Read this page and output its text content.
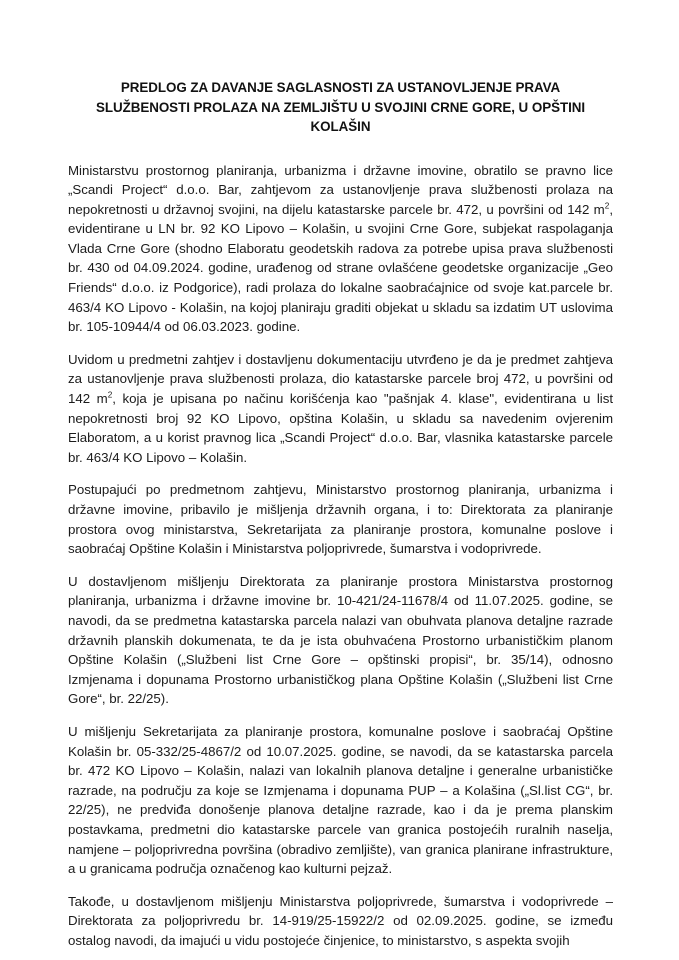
PREDLOG ZA DAVANJE SAGLASNOSTI ZA USTANOVLJENJE PRAVA
SLUŽBENOSTI PROLAZA NA ZEMLJIŠTU U SVOJINI CRNE GORE, U OPŠTINI
KOLAŠIN

Ministarstvu prostornog planiranja, urbanizma i državne imovine, obratilo se pravno lice „Scandi Project“ d.o.o. Bar, zahtjevom za ustanovljenje prava službenosti prolaza na nepokretnosti u državnoj svojini, na dijelu katastarske parcele br. 472, u površini od 142 $m^2$, evidentirane u LN br. 92 KO Lipovo – Kolašin, u svojini Crne Gore, subjekat raspolaganja Vlada Crne Gore (shodno Elaboratu geodetskih radova za potrebe upisa prava službenosti br. 430 od 04.09.2024. godine, urađenog od strane ovlašćene geodetske organizacije „Geo Friends“ d.o.o. iz Podgorice), radi prolaza do lokalne saobraćajnice od svoje kat.parcele br. 463/4 KO Lipovo - Kolašin, na kojoj planiraju graditi objekat u skladu sa izdatim UT uslovima br. 105-10944/4 od 06.03.2023. godine.

Uvidom u predmetni zahtjev i dostavljenu dokumentaciju utvrđeno je da je predmet zahtjeva za ustanovljenje prava službenosti prolaza, dio katastarske parcele broj 472, u površini od 142 $m^2$, koja je upisana po načinu korišćenja kao "pašnjak 4. klase", evidentirana u list nepokretnosti broj 92 KO Lipovo, opština Kolašin, u skladu sa navedenim ovjerenim Elaboratom, a u korist pravnog lica „Scandi Project“ d.o.o. Bar, vlasnika katastarske parcele br. 463/4 KO Lipovo – Kolašin.

Postupajući po predmetnom zahtjevu, Ministarstvo prostornog planiranja, urbanizma i državne imovine, pribavilo je mišljenja državnih organa, i to: Direktorata za planiranje prostora ovog ministarstva, Sekretarijata za planiranje prostora, komunalne poslove i saobraćaj Opštine Kolašin i Ministarstva poljoprivrede, šumarstva i vodoprivrede.

U dostavljenom mišljenju Direktorata za planiranje prostora Ministarstva prostornog planiranja, urbanizma i državne imovine br. 10-421/24-11678/4 od 11.07.2025. godine, se navodi, da se predmetna katastarska parcela nalazi van obuhvata planova detaljne razrade državnih planskih dokumenata, te da je ista obuhvaćena Prostorno urbanističkim planom Opštine Kolašin („Službeni list Crne Gore – opštinski propisi“, br. 35/14), odnosno Izmjenama i dopunama Prostorno urbanističkog plana Opštine Kolašin („Službeni list Crne Gore“, br. 22/25).

U mišljenju Sekretarijata za planiranje prostora, komunalne poslove i saobraćaj Opštine Kolašin br. 05-332/25-4867/2 od 10.07.2025. godine, se navodi, da se katastarska parcela br. 472 KO Lipovo – Kolašin, nalazi van lokalnih planova detaljne i generalne urbanističke razrade, na području za koje se Izmjenama i dopunama PUP – a Kolašina („Sl.list CG“, br. 22/25), ne predviđa donošenje planova detaljne razrade, kao i da je prema planskim postavkama, predmetni dio katastarske parcele van granica postojećih ruralnih naselja, namjene – poljoprivredna površina (obradivo zemljište), van granica planirane infrastrukture, a u granicama područja označenog kao kulturni pejzaž.

Takođe, u dostavljenom mišljenju Ministarstva poljoprivrede, šumarstva i vodoprivrede – Direktorata za poljoprivredu br. 14-919/25-15922/2 od 02.09.2025. godine, se između ostalog navodi, da imajući u vidu postojeće činjenice, to ministarstvo, s aspekta svojih
